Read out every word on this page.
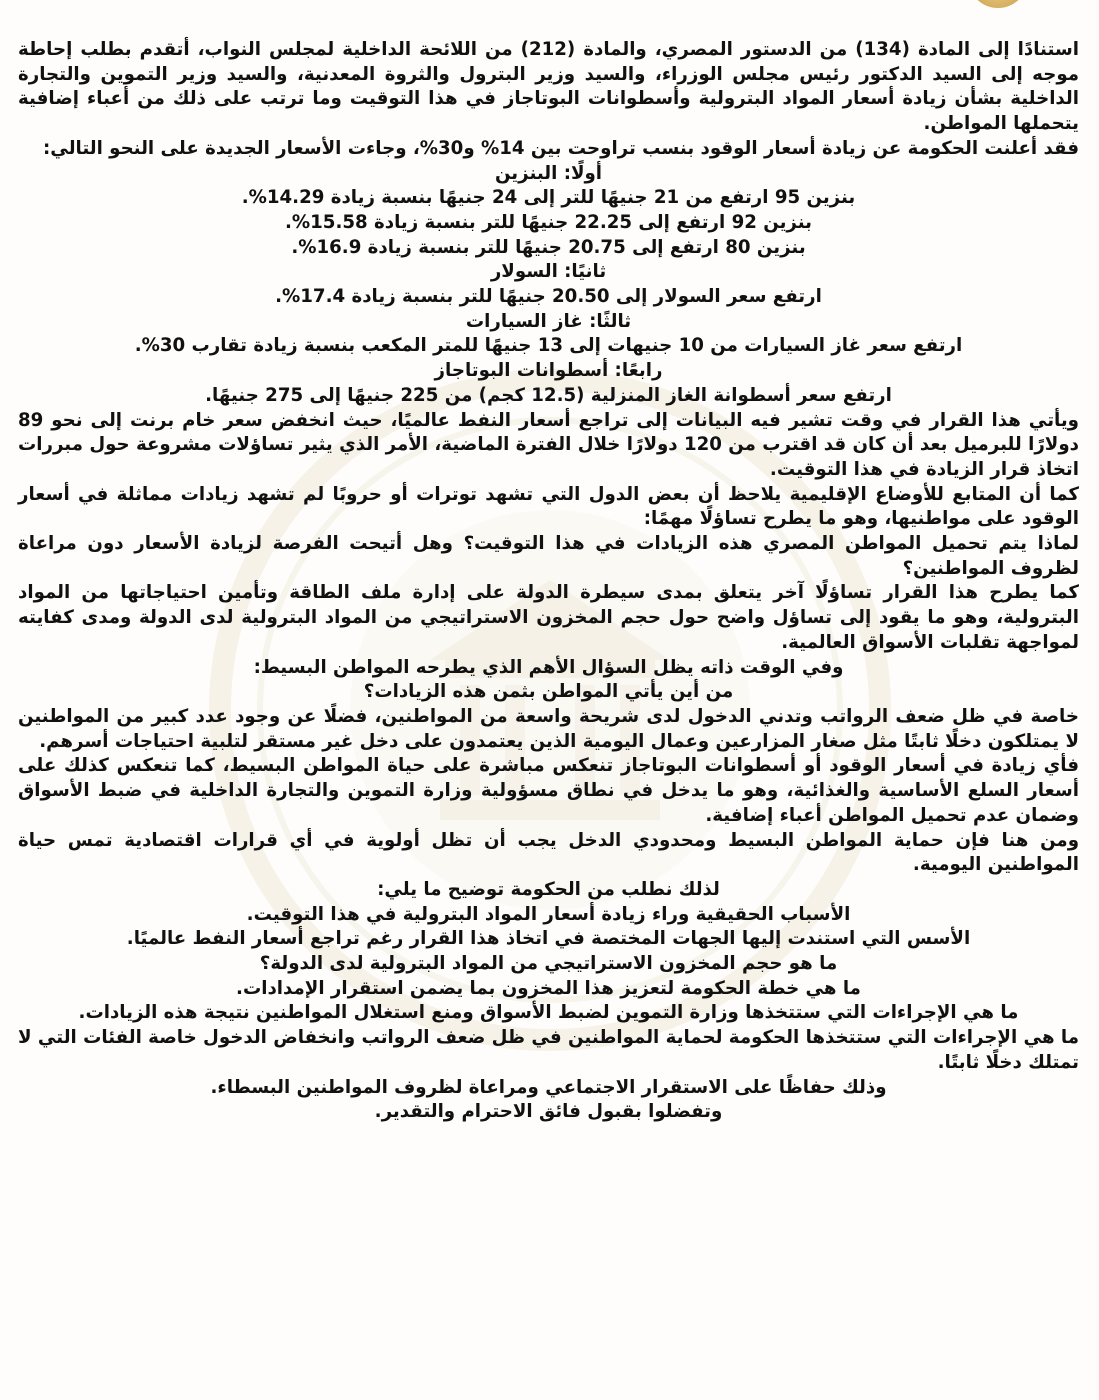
استنادًا إلى المادة (134) من الدستور المصري، والمادة (212) من اللائحة الداخلية لمجلس النواب، أتقدم بطلب إحاطة موجه إلى السيد الدكتور رئيس مجلس الوزراء، والسيد وزير البترول والثروة المعدنية، والسيد وزير التموين والتجارة الداخلية بشأن زيادة أسعار المواد البترولية وأسطوانات البوتاجاز في هذا التوقيت وما ترتب على ذلك من أعباء إضافية يتحملها المواطن.

فقد أعلنت الحكومة عن زيادة أسعار الوقود بنسب تراوحت بين 14% و30%، وجاءت الأسعار الجديدة على النحو التالي:

أولًا: البنزين

بنزين 95 ارتفع من 21 جنيهًا للتر إلى 24 جنيهًا بنسبة زيادة 14.29%.

بنزين 92 ارتفع إلى 22.25 جنيهًا للتر بنسبة زيادة 15.58%.

بنزين 80 ارتفع إلى 20.75 جنيهًا للتر بنسبة زيادة 16.9%.

ثانيًا: السولار

ارتفع سعر السولار إلى 20.50 جنيهًا للتر بنسبة زيادة 17.4%.

ثالثًا: غاز السيارات

ارتفع سعر غاز السيارات من 10 جنيهات إلى 13 جنيهًا للمتر المكعب بنسبة زيادة تقارب 30%.

رابعًا: أسطوانات البوتاجاز

ارتفع سعر أسطوانة الغاز المنزلية (12.5 كجم) من 225 جنيهًا إلى 275 جنيهًا.

ويأتي هذا القرار في وقت تشير فيه البيانات إلى تراجع أسعار النفط عالميًا، حيث انخفض سعر خام برنت إلى نحو 89 دولارًا للبرميل بعد أن كان قد اقترب من 120 دولارًا خلال الفترة الماضية، الأمر الذي يثير تساؤلات مشروعة حول مبررات اتخاذ قرار الزيادة في هذا التوقيت.

كما أن المتابع للأوضاع الإقليمية يلاحظ أن بعض الدول التي تشهد توترات أو حروبًا لم تشهد زيادات مماثلة في أسعار الوقود على مواطنيها، وهو ما يطرح تساؤلًا مهمًا:

لماذا يتم تحميل المواطن المصري هذه الزيادات في هذا التوقيت؟ وهل أتيحت الفرصة لزيادة الأسعار دون مراعاة لظروف المواطنين؟

كما يطرح هذا القرار تساؤلًا آخر يتعلق بمدى سيطرة الدولة على إدارة ملف الطاقة وتأمين احتياجاتها من المواد البترولية، وهو ما يقود إلى تساؤل واضح حول حجم المخزون الاستراتيجي من المواد البترولية لدى الدولة ومدى كفايته لمواجهة تقلبات الأسواق العالمية.

وفي الوقت ذاته يظل السؤال الأهم الذي يطرحه المواطن البسيط:

من أين يأتي المواطن بثمن هذه الزيادات؟

خاصة في ظل ضعف الرواتب وتدني الدخول لدى شريحة واسعة من المواطنين، فضلًا عن وجود عدد كبير من المواطنين لا يمتلكون دخلًا ثابتًا مثل صغار المزارعين وعمال اليومية الذين يعتمدون على دخل غير مستقر لتلبية احتياجات أسرهم.

فأي زيادة في أسعار الوقود أو أسطوانات البوتاجاز تنعكس مباشرة على حياة المواطن البسيط، كما تنعكس كذلك على أسعار السلع الأساسية والغذائية، وهو ما يدخل في نطاق مسؤولية وزارة التموين والتجارة الداخلية في ضبط الأسواق وضمان عدم تحميل المواطن أعباء إضافية.

ومن هنا فإن حماية المواطن البسيط ومحدودي الدخل يجب أن تظل أولوية في أي قرارات اقتصادية تمس حياة المواطنين اليومية.

لذلك نطلب من الحكومة توضيح ما يلي:

الأسباب الحقيقية وراء زيادة أسعار المواد البترولية في هذا التوقيت.

الأسس التي استندت إليها الجهات المختصة في اتخاذ هذا القرار رغم تراجع أسعار النفط عالميًا.

ما هو حجم المخزون الاستراتيجي من المواد البترولية لدى الدولة؟

ما هي خطة الحكومة لتعزيز هذا المخزون بما يضمن استقرار الإمدادات.

ما هي الإجراءات التي ستتخذها وزارة التموين لضبط الأسواق ومنع استغلال المواطنين نتيجة هذه الزيادات.

ما هي الإجراءات التي ستتخذها الحكومة لحماية المواطنين في ظل ضعف الرواتب وانخفاض الدخول خاصة الفئات التي لا تمتلك دخلًا ثابتًا.

وذلك حفاظًا على الاستقرار الاجتماعي ومراعاة لظروف المواطنين البسطاء.

وتفضلوا بقبول فائق الاحترام والتقدير.
